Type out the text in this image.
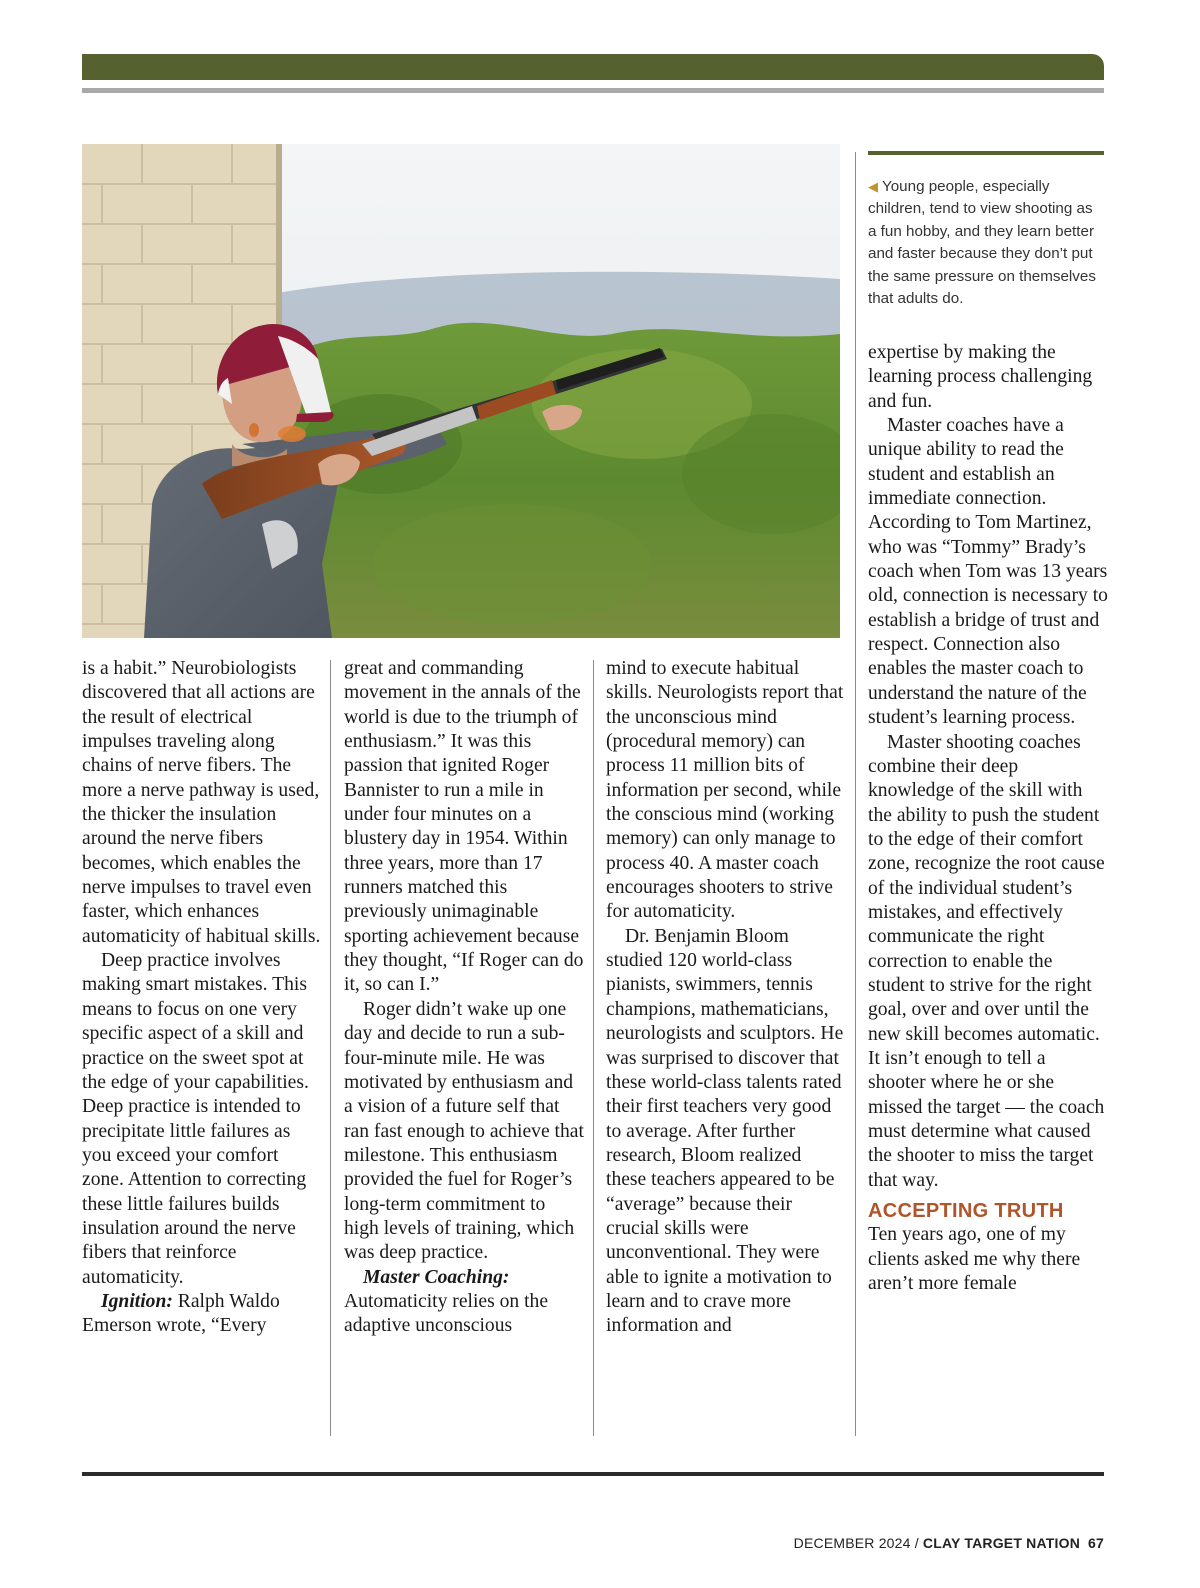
◀ Young people, especially children, tend to view shooting as a fun hobby, and they learn better and faster because they don’t put the same pressure on themselves that adults do.

is a habit.” Neurobiologists discovered that all actions are the result of electrical impulses traveling along chains of nerve fibers. The more a nerve pathway is used, the thicker the insulation around the nerve fibers becomes, which enables the nerve impulses to travel even faster, which enhances automaticity of habitual skills.

Deep practice involves making smart mistakes. This means to focus on one very specific aspect of a skill and practice on the sweet spot at the edge of your capabilities. Deep practice is intended to precipitate little failures as you exceed your comfort zone. Attention to correcting these little failures builds insulation around the nerve fibers that reinforce automaticity.

Ignition: Ralph Waldo Emerson wrote, “Every

great and commanding movement in the annals of the world is due to the triumph of enthusiasm.” It was this passion that ignited Roger Bannister to run a mile in under four minutes on a blustery day in 1954. Within three years, more than 17 runners matched this previously unimaginable sporting achievement because they thought, “If Roger can do it, so can I.”

Roger didn’t wake up one day and decide to run a sub-four-minute mile. He was motivated by enthusiasm and a vision of a future self that ran fast enough to achieve that milestone. This enthusiasm provided the fuel for Roger’s long-term commitment to high levels of training, which was deep practice.

Master Coaching: Automaticity relies on the adaptive unconscious

mind to execute habitual skills. Neurologists report that the unconscious mind (procedural memory) can process 11 million bits of information per second, while the conscious mind (working memory) can only manage to process 40. A master coach encourages shooters to strive for automaticity.

Dr. Benjamin Bloom studied 120 world-class pianists, swimmers, tennis champions, mathematicians, neurologists and sculptors. He was surprised to discover that these world-class talents rated their first teachers very good to average. After further research, Bloom realized these teachers appeared to be “average” because their crucial skills were unconventional. They were able to ignite a motivation to learn and to crave more information and

expertise by making the learning process challenging and fun.

Master coaches have a unique ability to read the student and establish an immediate connection. According to Tom Martinez, who was “Tommy” Brady’s coach when Tom was 13 years old, connection is necessary to establish a bridge of trust and respect. Connection also enables the master coach to understand the nature of the student’s learning process.

Master shooting coaches combine their deep knowledge of the skill with the ability to push the student to the edge of their comfort zone, recognize the root cause of the individual student’s mistakes, and effectively communicate the right correction to enable the student to strive for the right goal, over and over until the new skill becomes automatic. It isn’t enough to tell a shooter where he or she missed the target — the coach must determine what caused the shooter to miss the target that way.

ACCEPTING TRUTH

Ten years ago, one of my clients asked me why there aren’t more female

DECEMBER 2024 / CLAY TARGET NATION 67
